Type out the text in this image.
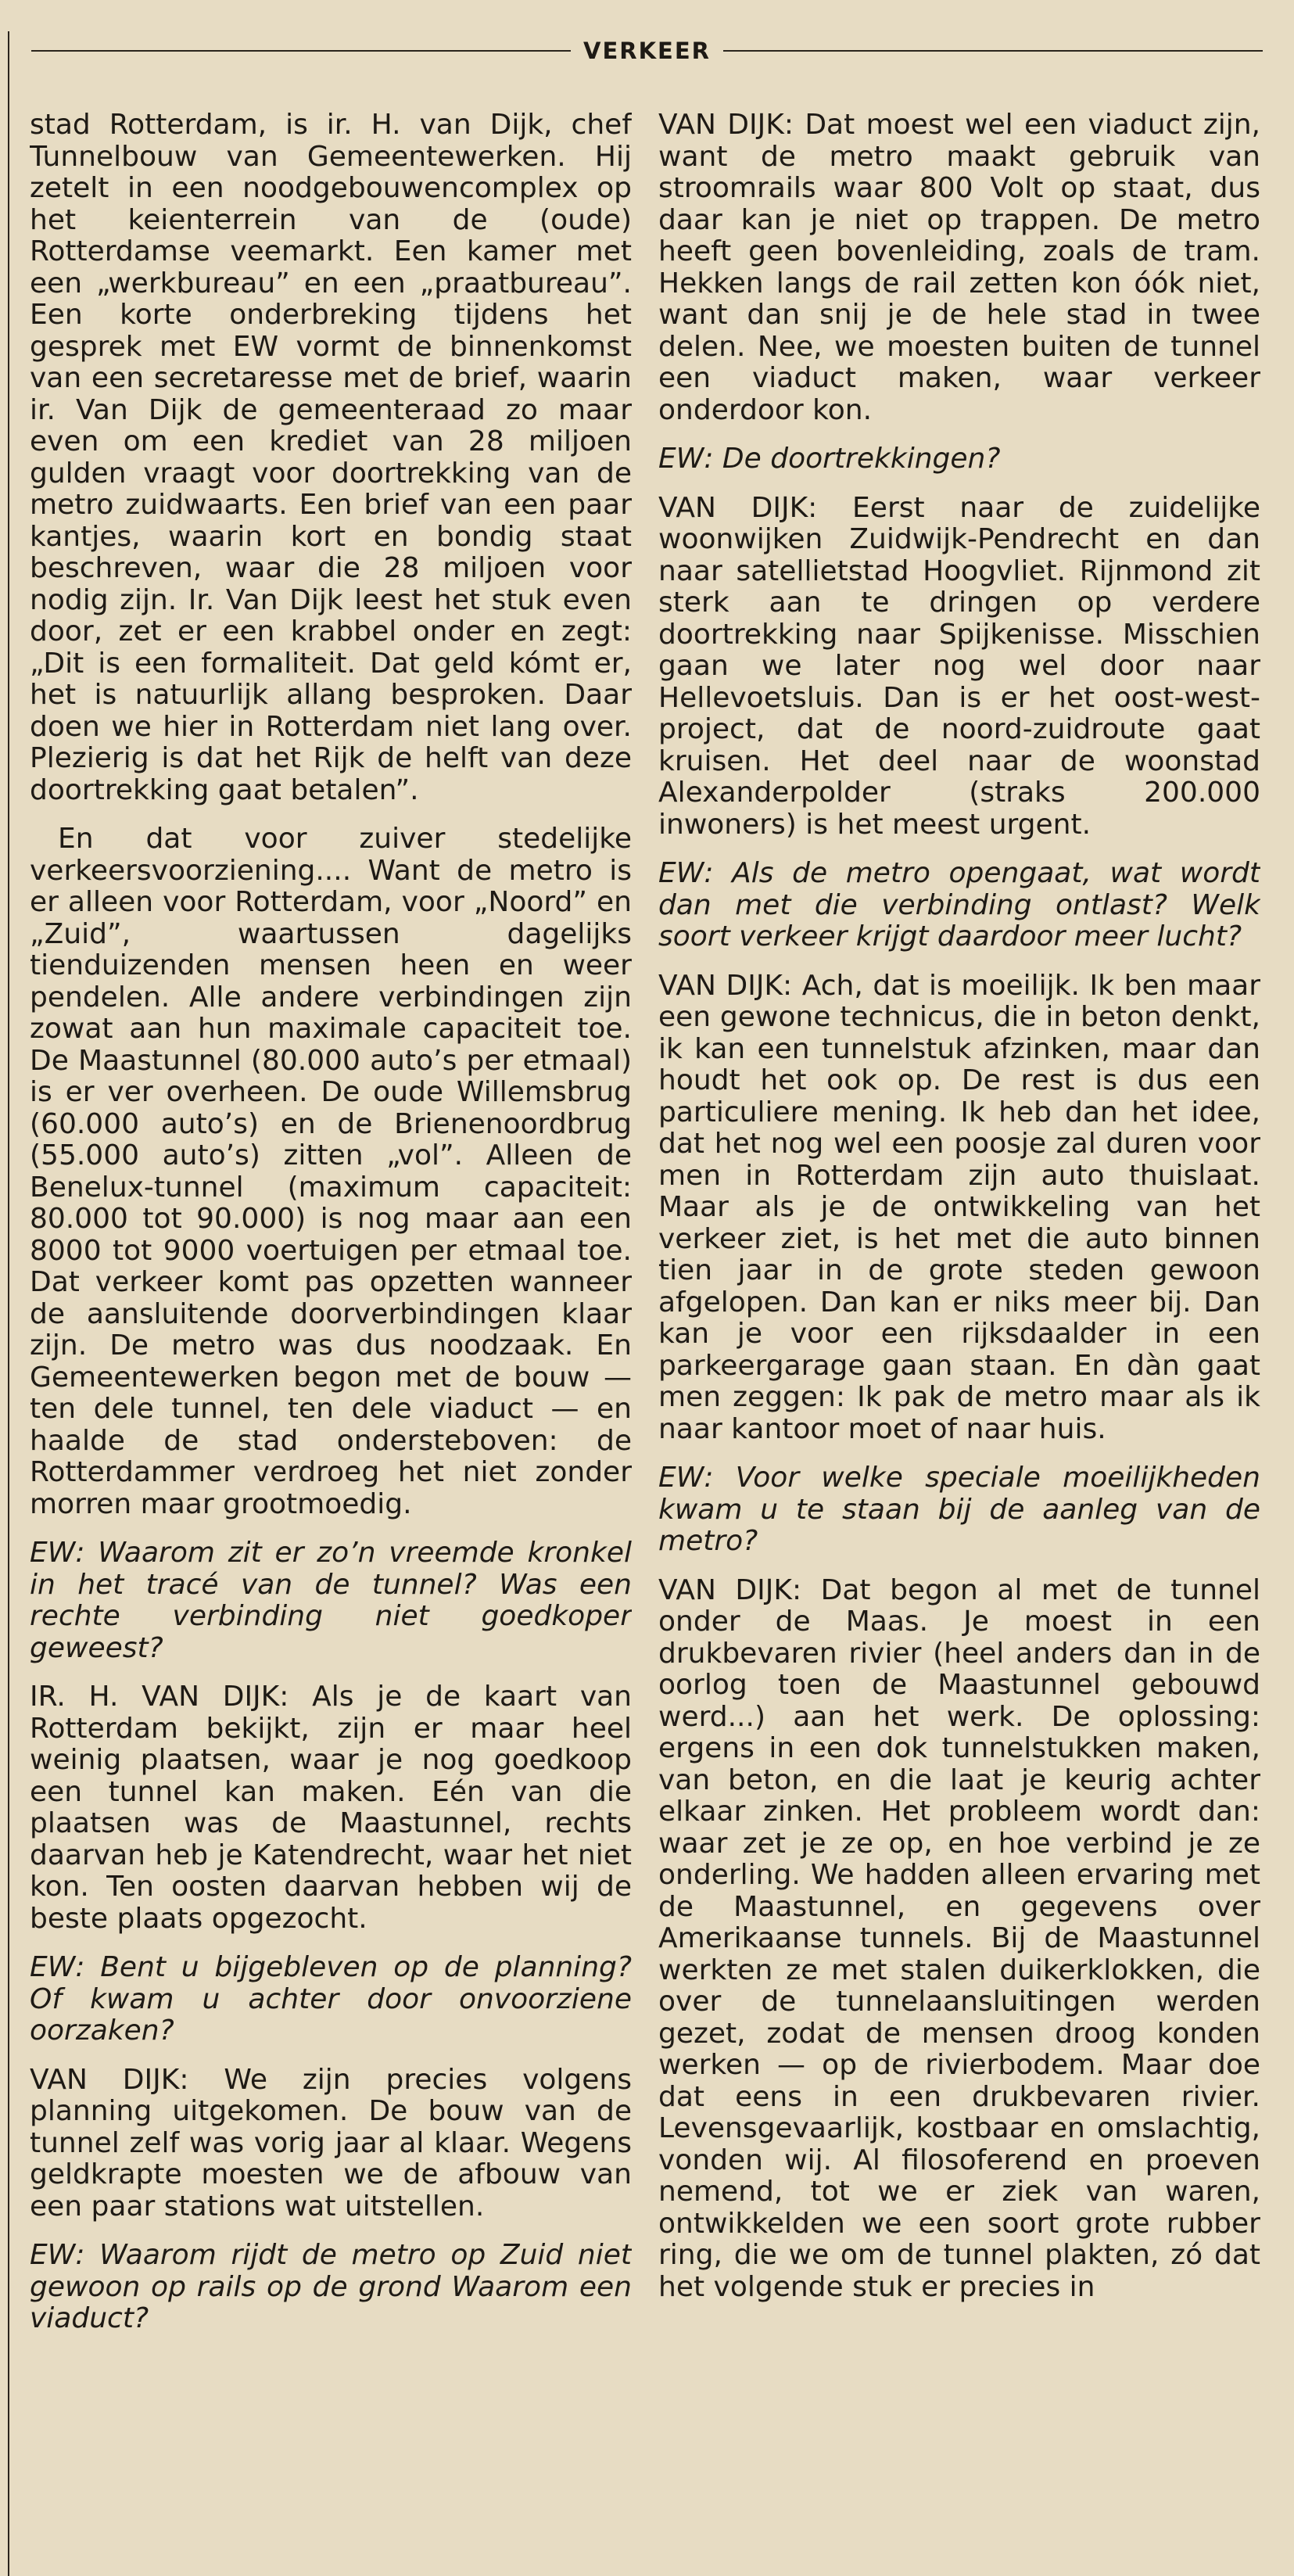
VERKEER

stad Rotterdam, is ir. H. van Dijk, chef Tunnelbouw van Gemeentewerken. Hij zetelt in een noodgebouwencomplex op het keienterrein van de (oude) Rotterdamse veemarkt. Een kamer met een „werkbureau” en een „praatbureau”. Een korte onderbreking tijdens het gesprek met EW vormt de binnenkomst van een secretaresse met de brief, waarin ir. Van Dijk de gemeenteraad zo maar even om een krediet van 28 miljoen gulden vraagt voor doortrekking van de metro zuidwaarts. Een brief van een paar kantjes, waarin kort en bondig staat beschreven, waar die 28 miljoen voor nodig zijn. Ir. Van Dijk leest het stuk even door, zet er een krabbel onder en zegt: „Dit is een formaliteit. Dat geld kómt er, het is natuurlijk allang besproken. Daar doen we hier in Rotterdam niet lang over. Plezierig is dat het Rijk de helft van deze doortrekking gaat betalen”.

En dat voor zuiver stedelijke verkeersvoorziening.... Want de metro is er alleen voor Rotterdam, voor „Noord” en „Zuid”, waartussen dagelijks tienduizenden mensen heen en weer pendelen. Alle andere verbindingen zijn zowat aan hun maximale capaciteit toe. De Maastunnel (80.000 auto’s per etmaal) is er ver overheen. De oude Willemsbrug (60.000 auto’s) en de Brienenoordbrug (55.000 auto’s) zitten „vol”. Alleen de Benelux-tunnel (maximum capaciteit: 80.000 tot 90.000) is nog maar aan een 8000 tot 9000 voertuigen per etmaal toe. Dat verkeer komt pas opzetten wanneer de aansluitende doorverbindingen klaar zijn. De metro was dus noodzaak. En Gemeentewerken begon met de bouw — ten dele tunnel, ten dele viaduct — en haalde de stad ondersteboven: de Rotterdammer verdroeg het niet zonder morren maar grootmoedig.

EW: Waarom zit er zo’n vreemde kronkel in het tracé van de tunnel? Was een rechte verbinding niet goedkoper geweest?

IR. H. VAN DIJK: Als je de kaart van Rotterdam bekijkt, zijn er maar heel weinig plaatsen, waar je nog goedkoop een tunnel kan maken. Eén van die plaatsen was de Maastunnel, rechts daarvan heb je Katendrecht, waar het niet kon. Ten oosten daarvan hebben wij de beste plaats opgezocht.

EW: Bent u bijgebleven op de planning? Of kwam u achter door onvoorziene oorzaken?

VAN DIJK: We zijn precies volgens planning uitgekomen. De bouw van de tunnel zelf was vorig jaar al klaar. Wegens geldkrapte moesten we de afbouw van een paar stations wat uitstellen.

EW: Waarom rijdt de metro op Zuid niet gewoon op rails op de grond Waarom een viaduct?

VAN DIJK: Dat moest wel een viaduct zijn, want de metro maakt gebruik van stroomrails waar 800 Volt op staat, dus daar kan je niet op trappen. De metro heeft geen bovenleiding, zoals de tram. Hekken langs de rail zetten kon óók niet, want dan snij je de hele stad in twee delen. Nee, we moesten buiten de tunnel een viaduct maken, waar verkeer onderdoor kon.

EW: De doortrekkingen?

VAN DIJK: Eerst naar de zuidelijke woonwijken Zuidwijk-Pendrecht en dan naar satellietstad Hoogvliet. Rijnmond zit sterk aan te dringen op verdere doortrekking naar Spijkenisse. Misschien gaan we later nog wel door naar Hellevoetsluis. Dan is er het oost-west-project, dat de noord-zuidroute gaat kruisen. Het deel naar de woonstad Alexanderpolder (straks 200.000 inwoners) is het meest urgent.

EW: Als de metro opengaat, wat wordt dan met die verbinding ontlast? Welk soort verkeer krijgt daardoor meer lucht?

VAN DIJK: Ach, dat is moeilijk. Ik ben maar een gewone technicus, die in beton denkt, ik kan een tunnelstuk afzinken, maar dan houdt het ook op. De rest is dus een particuliere mening. Ik heb dan het idee, dat het nog wel een poosje zal duren voor men in Rotterdam zijn auto thuislaat. Maar als je de ontwikkeling van het verkeer ziet, is het met die auto binnen tien jaar in de grote steden gewoon afgelopen. Dan kan er niks meer bij. Dan kan je voor een rijksdaalder in een parkeergarage gaan staan. En dàn gaat men zeggen: Ik pak de metro maar als ik naar kantoor moet of naar huis.

EW: Voor welke speciale moeilijkheden kwam u te staan bij de aanleg van de metro?

VAN DIJK: Dat begon al met de tunnel onder de Maas. Je moest in een drukbevaren rivier (heel anders dan in de oorlog toen de Maastunnel gebouwd werd...) aan het werk. De oplossing: ergens in een dok tunnelstukken maken, van beton, en die laat je keurig achter elkaar zinken. Het probleem wordt dan: waar zet je ze op, en hoe verbind je ze onderling. We hadden alleen ervaring met de Maastunnel, en gegevens over Amerikaanse tunnels. Bij de Maastunnel werkten ze met stalen duikerklokken, die over de tunnelaansluitingen werden gezet, zodat de mensen droog konden werken — op de rivierbodem. Maar doe dat eens in een drukbevaren rivier. Levensgevaarlijk, kostbaar en omslachtig, vonden wij. Al filosoferend en proeven nemend, tot we er ziek van waren, ontwikkelden we een soort grote rubber ring, die we om de tunnel plakten, zó dat het volgende stuk er precies in
